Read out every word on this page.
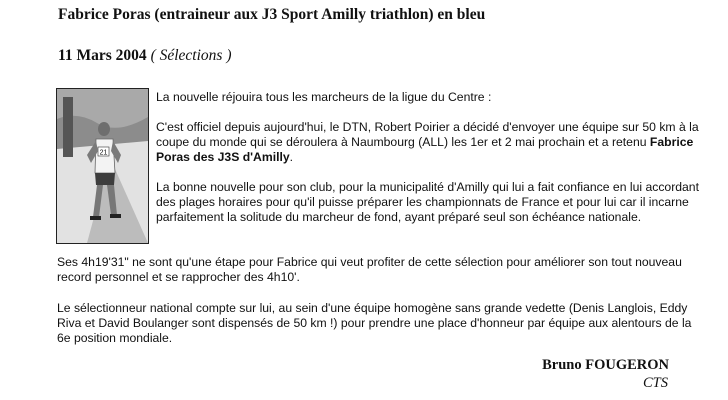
Fabrice Poras (entraineur aux J3 Sport Amilly triathlon) en bleu
11 Mars 2004 ( Sélections )
21

La nouvelle réjouira tous les marcheurs de la ligue du Centre :

C'est officiel depuis aujourd'hui, le DTN, Robert Poirier a décidé d'envoyer une équipe sur 50 km à la coupe du monde qui se déroulera à Naumbourg (ALL) les 1er et 2 mai prochain et a retenu Fabrice Poras des J3S d'Amilly.

La bonne nouvelle pour son club, pour la municipalité d'Amilly qui lui a fait confiance en lui accordant des plages horaires pour qu'il puisse préparer les championnats de France et pour lui car il incarne parfaitement la solitude du marcheur de fond, ayant préparé seul son échéance nationale.

Ses 4h19'31" ne sont qu'une étape pour Fabrice qui veut profiter de cette sélection pour améliorer son tout nouveau record personnel et se rapprocher des 4h10'.

Le sélectionneur national compte sur lui, au sein d'une équipe homogène sans grande vedette (Denis Langlois, Eddy Riva et David Boulanger sont dispensés de 50 km !) pour prendre une place d'honneur par équipe aux alentours de la 6e position mondiale.

Bruno FOUGERON
CTS
